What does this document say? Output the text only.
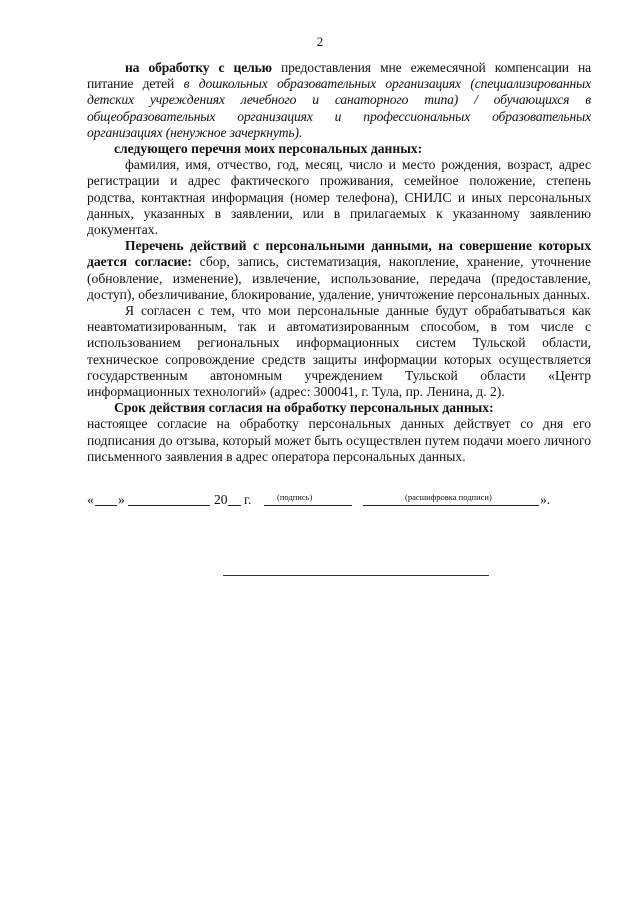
2

на обработку с целью предоставления мне ежемесячной компенсации на питание детей в дошкольных образовательных организациях (специализированных детских учреждениях лечебного и санаторного типа) / обучающихся в общеобразовательных организациях и профессиональных образовательных организациях (ненужное зачеркнуть).

следующего перечня моих персональных данных:

фамилия, имя, отчество, год, месяц, число и место рождения, возраст, адрес регистрации и адрес фактического проживания, семейное положение, степень родства, контактная информация (номер телефона), СНИЛС и иных персональных данных, указанных в заявлении, или в прилагаемых к указанному заявлению документах.

Перечень действий с персональными данными, на совершение которых дается согласие: сбор, запись, систематизация, накопление, хранение, уточнение (обновление, изменение), извлечение, использование, передача (предоставление, доступ), обезличивание, блокирование, удаление, уничтожение персональных данных.

Я согласен с тем, что мои персональные данные будут обрабатываться как неавтоматизированным, так и автоматизированным способом, в том числе с использованием региональных информационных систем Тульской области, техническое сопровождение средств защиты информации которых осуществляется государственным автономным учреждением Тульской области «Центр информационных технологий» (адрес: 300041, г. Тула, пр. Ленина, д. 2).

Срок действия согласия на обработку персональных данных:

настоящее согласие на обработку персональных данных действует со дня его подписания до отзыва, который может быть осуществлен путем подачи моего личного письменного заявления в адрес оператора персональных данных.

« »	20 г.	».
(подпись)	(расшифровка подписи)
